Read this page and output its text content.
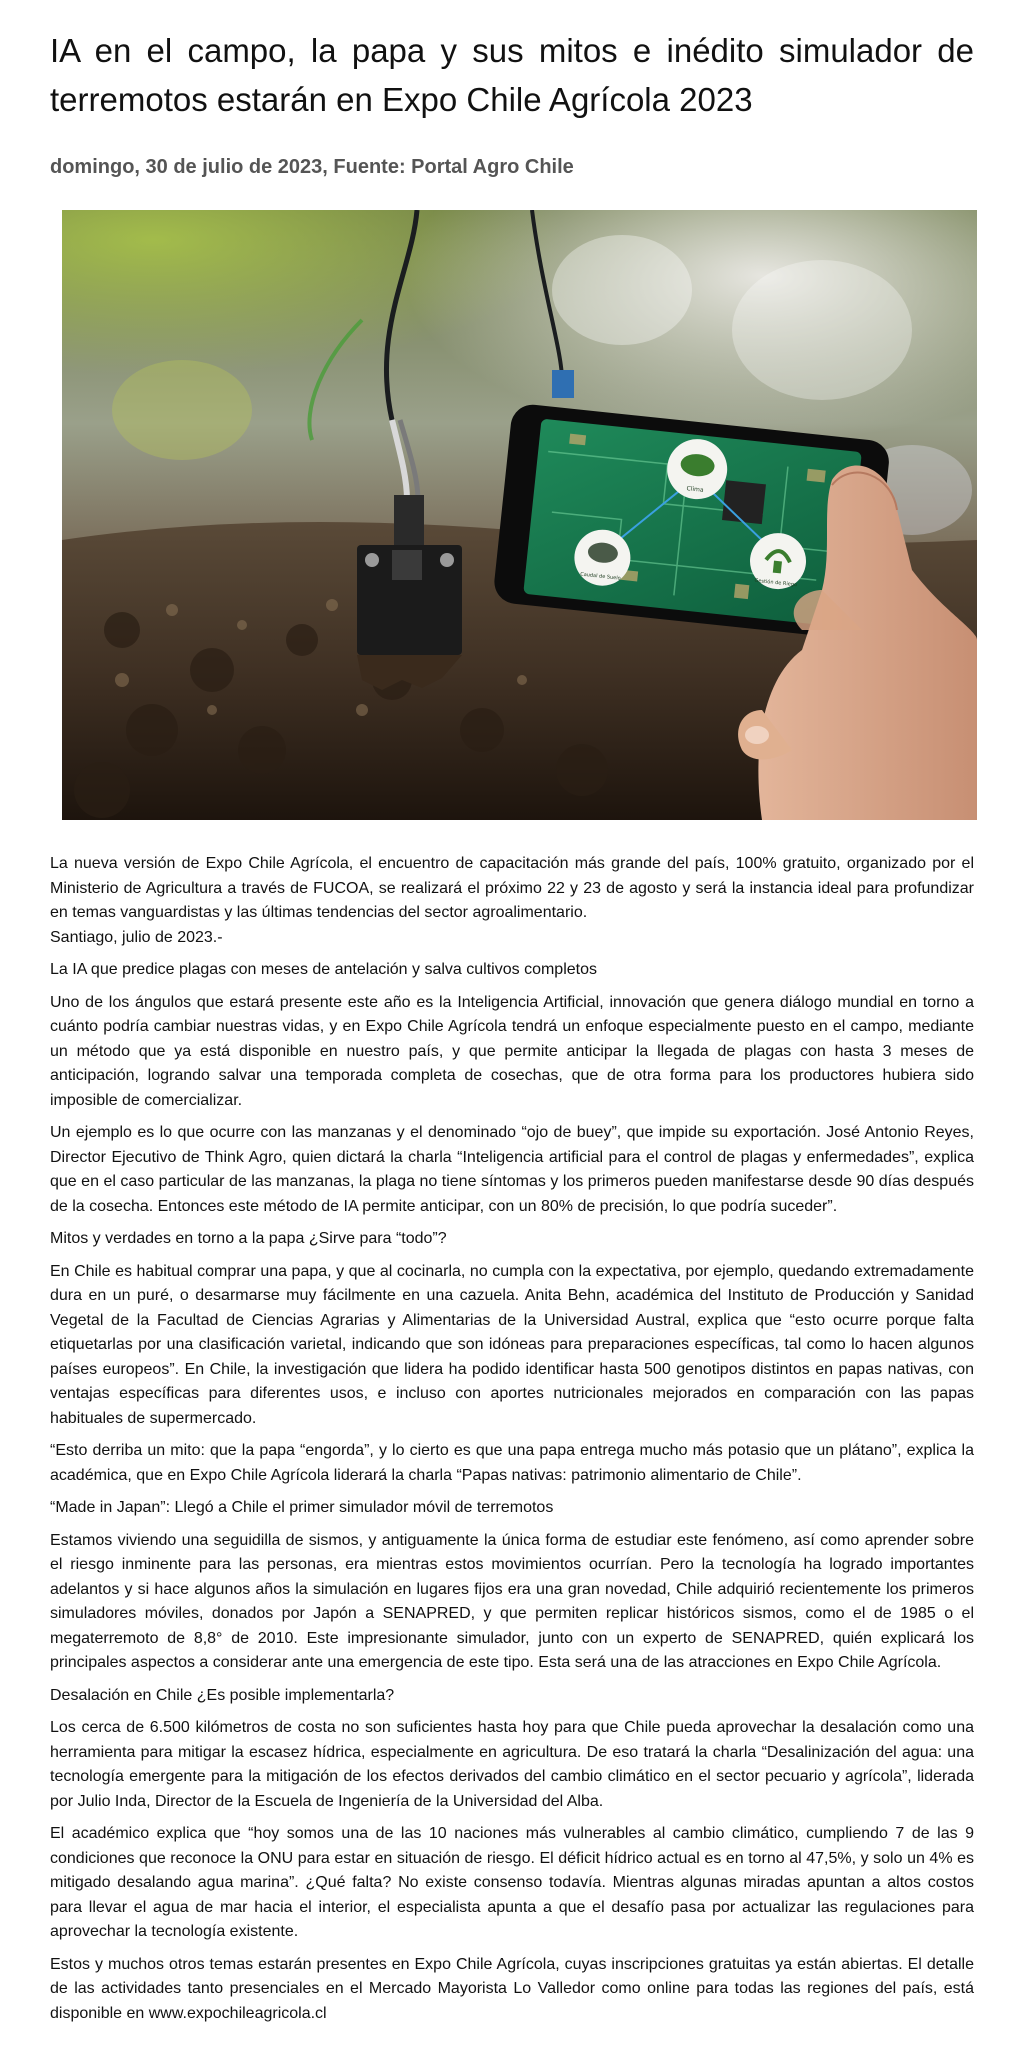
IA en el campo, la papa y sus mitos e inédito simulador de terremotos estarán en Expo Chile Agrícola 2023
domingo, 30 de julio de 2023, Fuente: Portal Agro Chile
Clima
Caudal de Suelo
Gestión de Riego

La nueva versión de Expo Chile Agrícola, el encuentro de capacitación más grande del país, 100% gratuito, organizado por el Ministerio de Agricultura a través de FUCOA, se realizará el próximo 22 y 23 de agosto y será la instancia ideal para profundizar en temas vanguardistas y las últimas tendencias del sector agroalimentario.

Santiago, julio de 2023.-

La IA que predice plagas con meses de antelación y salva cultivos completos

Uno de los ángulos que estará presente este año es la Inteligencia Artificial, innovación que genera diálogo mundial en torno a cuánto podría cambiar nuestras vidas, y en Expo Chile Agrícola tendrá un enfoque especialmente puesto en el campo, mediante un método que ya está disponible en nuestro país, y que permite anticipar la llegada de plagas con hasta 3 meses de anticipación, logrando salvar una temporada completa de cosechas, que de otra forma para los productores hubiera sido imposible de comercializar.

Un ejemplo es lo que ocurre con las manzanas y el denominado “ojo de buey”, que impide su exportación. José Antonio Reyes, Director Ejecutivo de Think Agro, quien dictará la charla “Inteligencia artificial para el control de plagas y enfermedades”, explica que en el caso particular de las manzanas, la plaga no tiene síntomas y los primeros pueden manifestarse desde 90 días después de la cosecha. Entonces este método de IA permite anticipar, con un 80% de precisión, lo que podría suceder”.

Mitos y verdades en torno a la papa ¿Sirve para “todo”?

En Chile es habitual comprar una papa, y que al cocinarla, no cumpla con la expectativa, por ejemplo, quedando extremadamente dura en un puré, o desarmarse muy fácilmente en una cazuela. Anita Behn, académica del Instituto de Producción y Sanidad Vegetal de la Facultad de Ciencias Agrarias y Alimentarias de la Universidad Austral, explica que “esto ocurre porque falta etiquetarlas por una clasificación varietal, indicando que son idóneas para preparaciones específicas, tal como lo hacen algunos países europeos”. En Chile, la investigación que lidera ha podido identificar hasta 500 genotipos distintos en papas nativas, con ventajas específicas para diferentes usos, e incluso con aportes nutricionales mejorados en comparación con las papas habituales de supermercado.

“Esto derriba un mito: que la papa “engorda”, y lo cierto es que una papa entrega mucho más potasio que un plátano”, explica la académica, que en Expo Chile Agrícola liderará la charla “Papas nativas: patrimonio alimentario de Chile”.

“Made in Japan”: Llegó a Chile el primer simulador móvil de terremotos

Estamos viviendo una seguidilla de sismos, y antiguamente la única forma de estudiar este fenómeno, así como aprender sobre el riesgo inminente para las personas, era mientras estos movimientos ocurrían. Pero la tecnología ha logrado importantes adelantos y si hace algunos años la simulación en lugares fijos era una gran novedad, Chile adquirió recientemente los primeros simuladores móviles, donados por Japón a SENAPRED, y que permiten replicar históricos sismos, como el de 1985 o el megaterremoto de 8,8° de 2010. Este impresionante simulador, junto con un experto de SENAPRED, quién explicará los principales aspectos a considerar ante una emergencia de este tipo. Esta será una de las atracciones en Expo Chile Agrícola.

Desalación en Chile ¿Es posible implementarla?

Los cerca de 6.500 kilómetros de costa no son suficientes hasta hoy para que Chile pueda aprovechar la desalación como una herramienta para mitigar la escasez hídrica, especialmente en agricultura. De eso tratará la charla “Desalinización del agua: una tecnología emergente para la mitigación de los efectos derivados del cambio climático en el sector pecuario y agrícola”, liderada por Julio Inda, Director de la Escuela de Ingeniería de la Universidad del Alba.

El académico explica que “hoy somos una de las 10 naciones más vulnerables al cambio climático, cumpliendo 7 de las 9 condiciones que reconoce la ONU para estar en situación de riesgo. El déficit hídrico actual es en torno al 47,5%, y solo un 4% es mitigado desalando agua marina”. ¿Qué falta? No existe consenso todavía. Mientras algunas miradas apuntan a altos costos para llevar el agua de mar hacia el interior, el especialista apunta a que el desafío pasa por actualizar las regulaciones para aprovechar la tecnología existente.

Estos y muchos otros temas estarán presentes en Expo Chile Agrícola, cuyas inscripciones gratuitas ya están abiertas. El detalle de las actividades tanto presenciales en el Mercado Mayorista Lo Valledor como online para todas las regiones del país, está disponible en www.expochileagricola.cl
